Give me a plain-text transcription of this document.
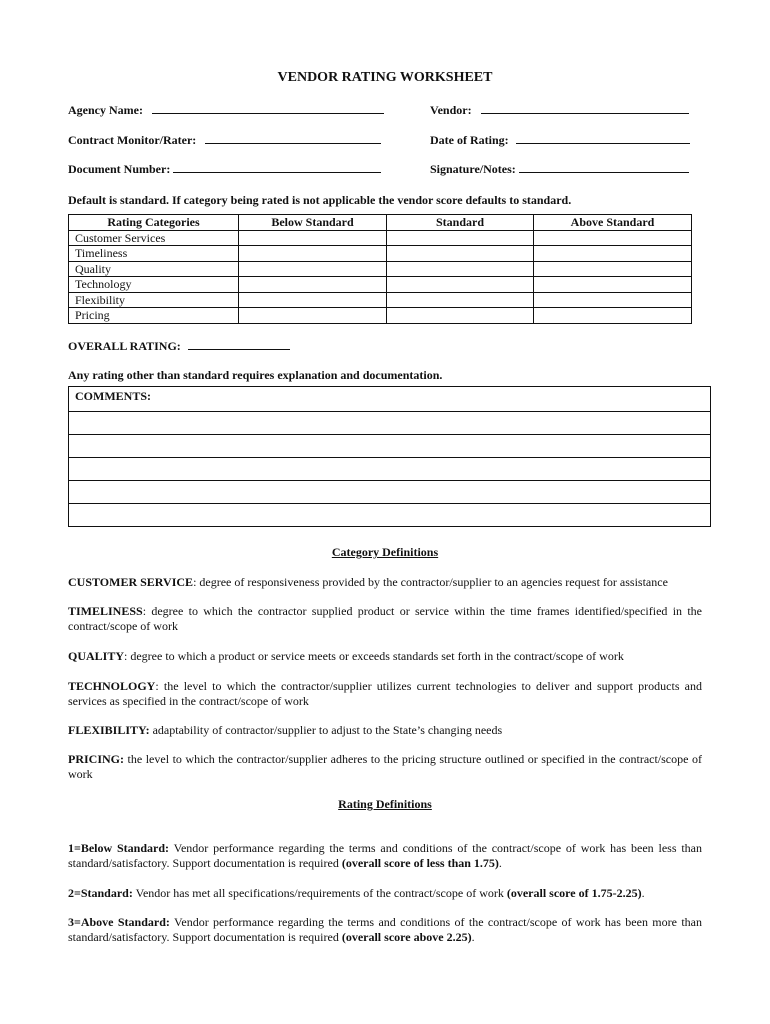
VENDOR RATING WORKSHEET
Agency Name:	Vendor:
Contract Monitor/Rater:	Date of Rating:
Document Number:	Signature/Notes:
Default is standard. If category being rated is not applicable the vendor score defaults to standard.
Rating Categories	Below Standard	Standard	Above Standard
Customer Services			
Timeliness			
Quality			
Technology			
Flexibility			
Pricing			
OVERALL RATING:
Any rating other than standard requires explanation and documentation.
COMMENTS:

Category Definitions
CUSTOMER SERVICE: degree of responsiveness provided by the contractor/supplier to an agencies request for assistance
TIMELINESS: degree to which the contractor supplied product or service within the time frames identified/specified in the contract/scope of work
QUALITY: degree to which a product or service meets or exceeds standards set forth in the contract/scope of work
TECHNOLOGY: the level to which the contractor/supplier utilizes current technologies to deliver and support products and services as specified in the contract/scope of work
FLEXIBILITY: adaptability of contractor/supplier to adjust to the State’s changing needs
PRICING: the level to which the contractor/supplier adheres to the pricing structure outlined or specified in the contract/scope of work
Rating Definitions
1=Below Standard: Vendor performance regarding the terms and conditions of the contract/scope of work has been less than standard/satisfactory. Support documentation is required (overall score of less than 1.75).
2=Standard: Vendor has met all specifications/requirements of the contract/scope of work (overall score of 1.75-2.25).
3=Above Standard: Vendor performance regarding the terms and conditions of the contract/scope of work has been more than standard/satisfactory. Support documentation is required (overall score above 2.25).
